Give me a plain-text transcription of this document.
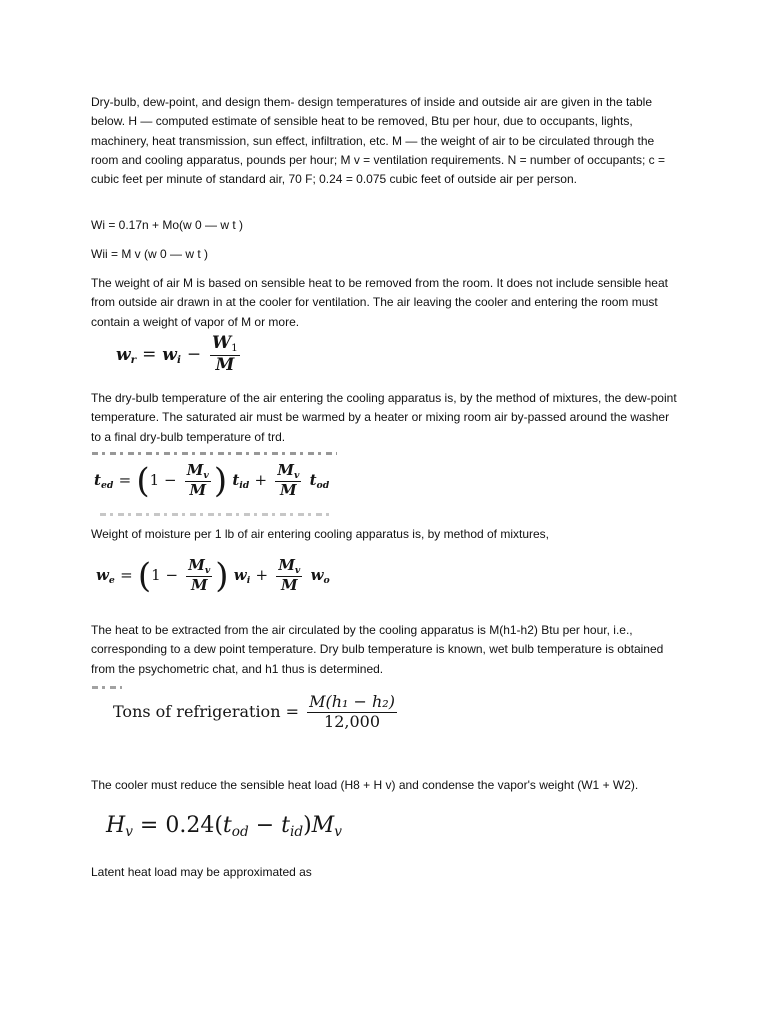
Dry-bulb, dew-point, and design them- design temperatures of inside and outside air are given in the table below. H — computed estimate of sensible heat to be removed, Btu per hour, due to occupants, lights, machinery, heat transmission, sun effect, infiltration, etc. M — the weight of air to be circulated through the room and cooling apparatus, pounds per hour; M v = ventilation requirements. N = number of occupants; c = cubic feet per minute of standard air, 70 F; 0.24 = 0.075 cubic feet of outside air per person.

Wi = 0.17n + Mo(w 0 — w t )

Wii = M v (w 0 — w t )

The weight of air M is based on sensible heat to be removed from the room. It does not include sensible heat from outside air drawn in at the cooler for ventilation. The air leaving the cooler and entering the room must contain a weight of vapor of M or more.

$w_r = w_i - \frac{W_1}{M}$

The dry-bulb temperature of the air entering the cooling apparatus is, by the method of mixtures, the dew-point temperature. The saturated air must be warmed by a heater or mixing room air by-passed around the washer to a final dry-bulb temperature of trd.

$t_{ed} = (1 - \frac{M_v}{M}$ ) $t_{id} + \frac{M_v}{M} t_{od}$

Weight of moisture per 1 lb of air entering cooling apparatus is, by method of mixtures,

$w_e = (1 - \frac{M_v}{M}$ ) $w_i + \frac{M_v}{M} w_o$

The heat to be extracted from the air circulated by the cooling apparatus is M(h1-h2) Btu per hour, i.e., corresponding to a dew point temperature. Dry bulb temperature is known, wet bulb temperature is obtained from the psychometric chat, and h1 thus is determined.

Tons of refrigeration = $\frac{\text{M(h₁ − h₂)}}{12,000}$

The cooler must reduce the sensible heat load (H8 + H v) and condense the vapor's weight (W1 + W2).

$H_v = 0.24(t_{od} - t_{id})M_v$

Latent heat load may be approximated as
